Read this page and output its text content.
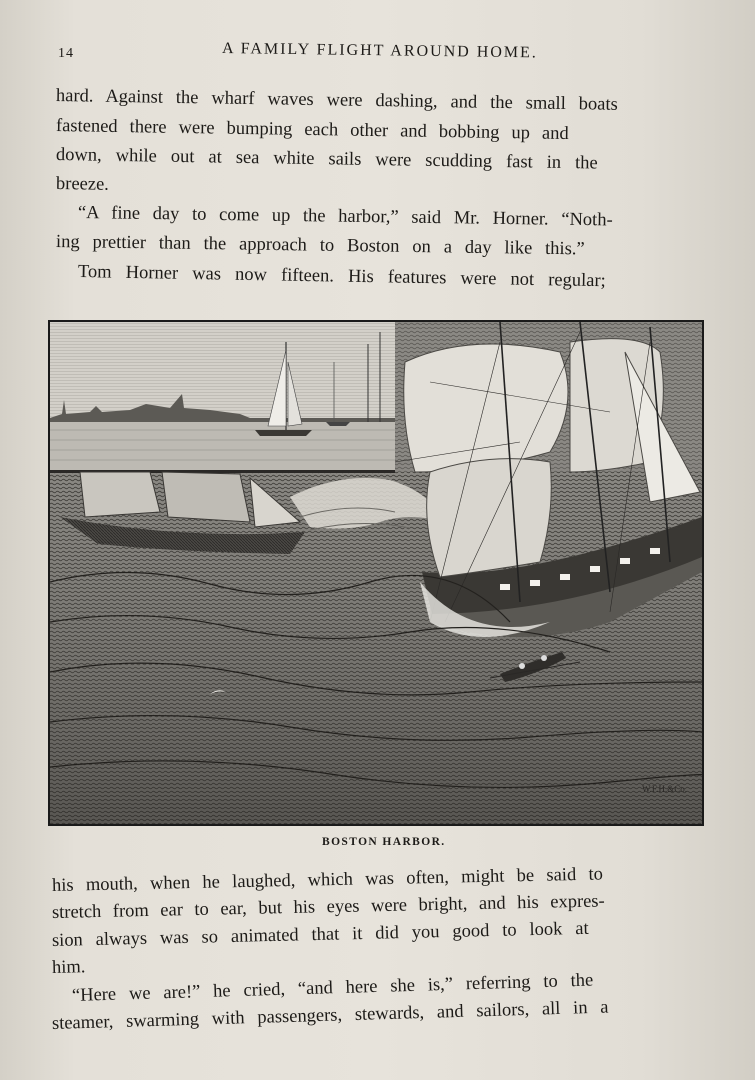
14	A FAMILY FLIGHT AROUND HOME.
hard. Against the wharf waves were dashing, and the small boats
fastened there were bumping each other and bobbing up and
down, while out at sea white sails were scudding fast in the
breeze.
“A fine day to come up the harbor,” said Mr. Horner. “Noth-
ing prettier than the approach to Boston on a day like this.”
Tom Horner was now fifteen. His features were not regular;
W.F.H.&Co.
BOSTON HARBOR.
his mouth, when he laughed, which was often, might be said to
stretch from ear to ear, but his eyes were bright, and his expres-
sion always was so animated that it did you good to look at
him.
“Here we are!” he cried, “and here she is,” referring to the
steamer, swarming with passengers, stewards, and sailors, all in a
